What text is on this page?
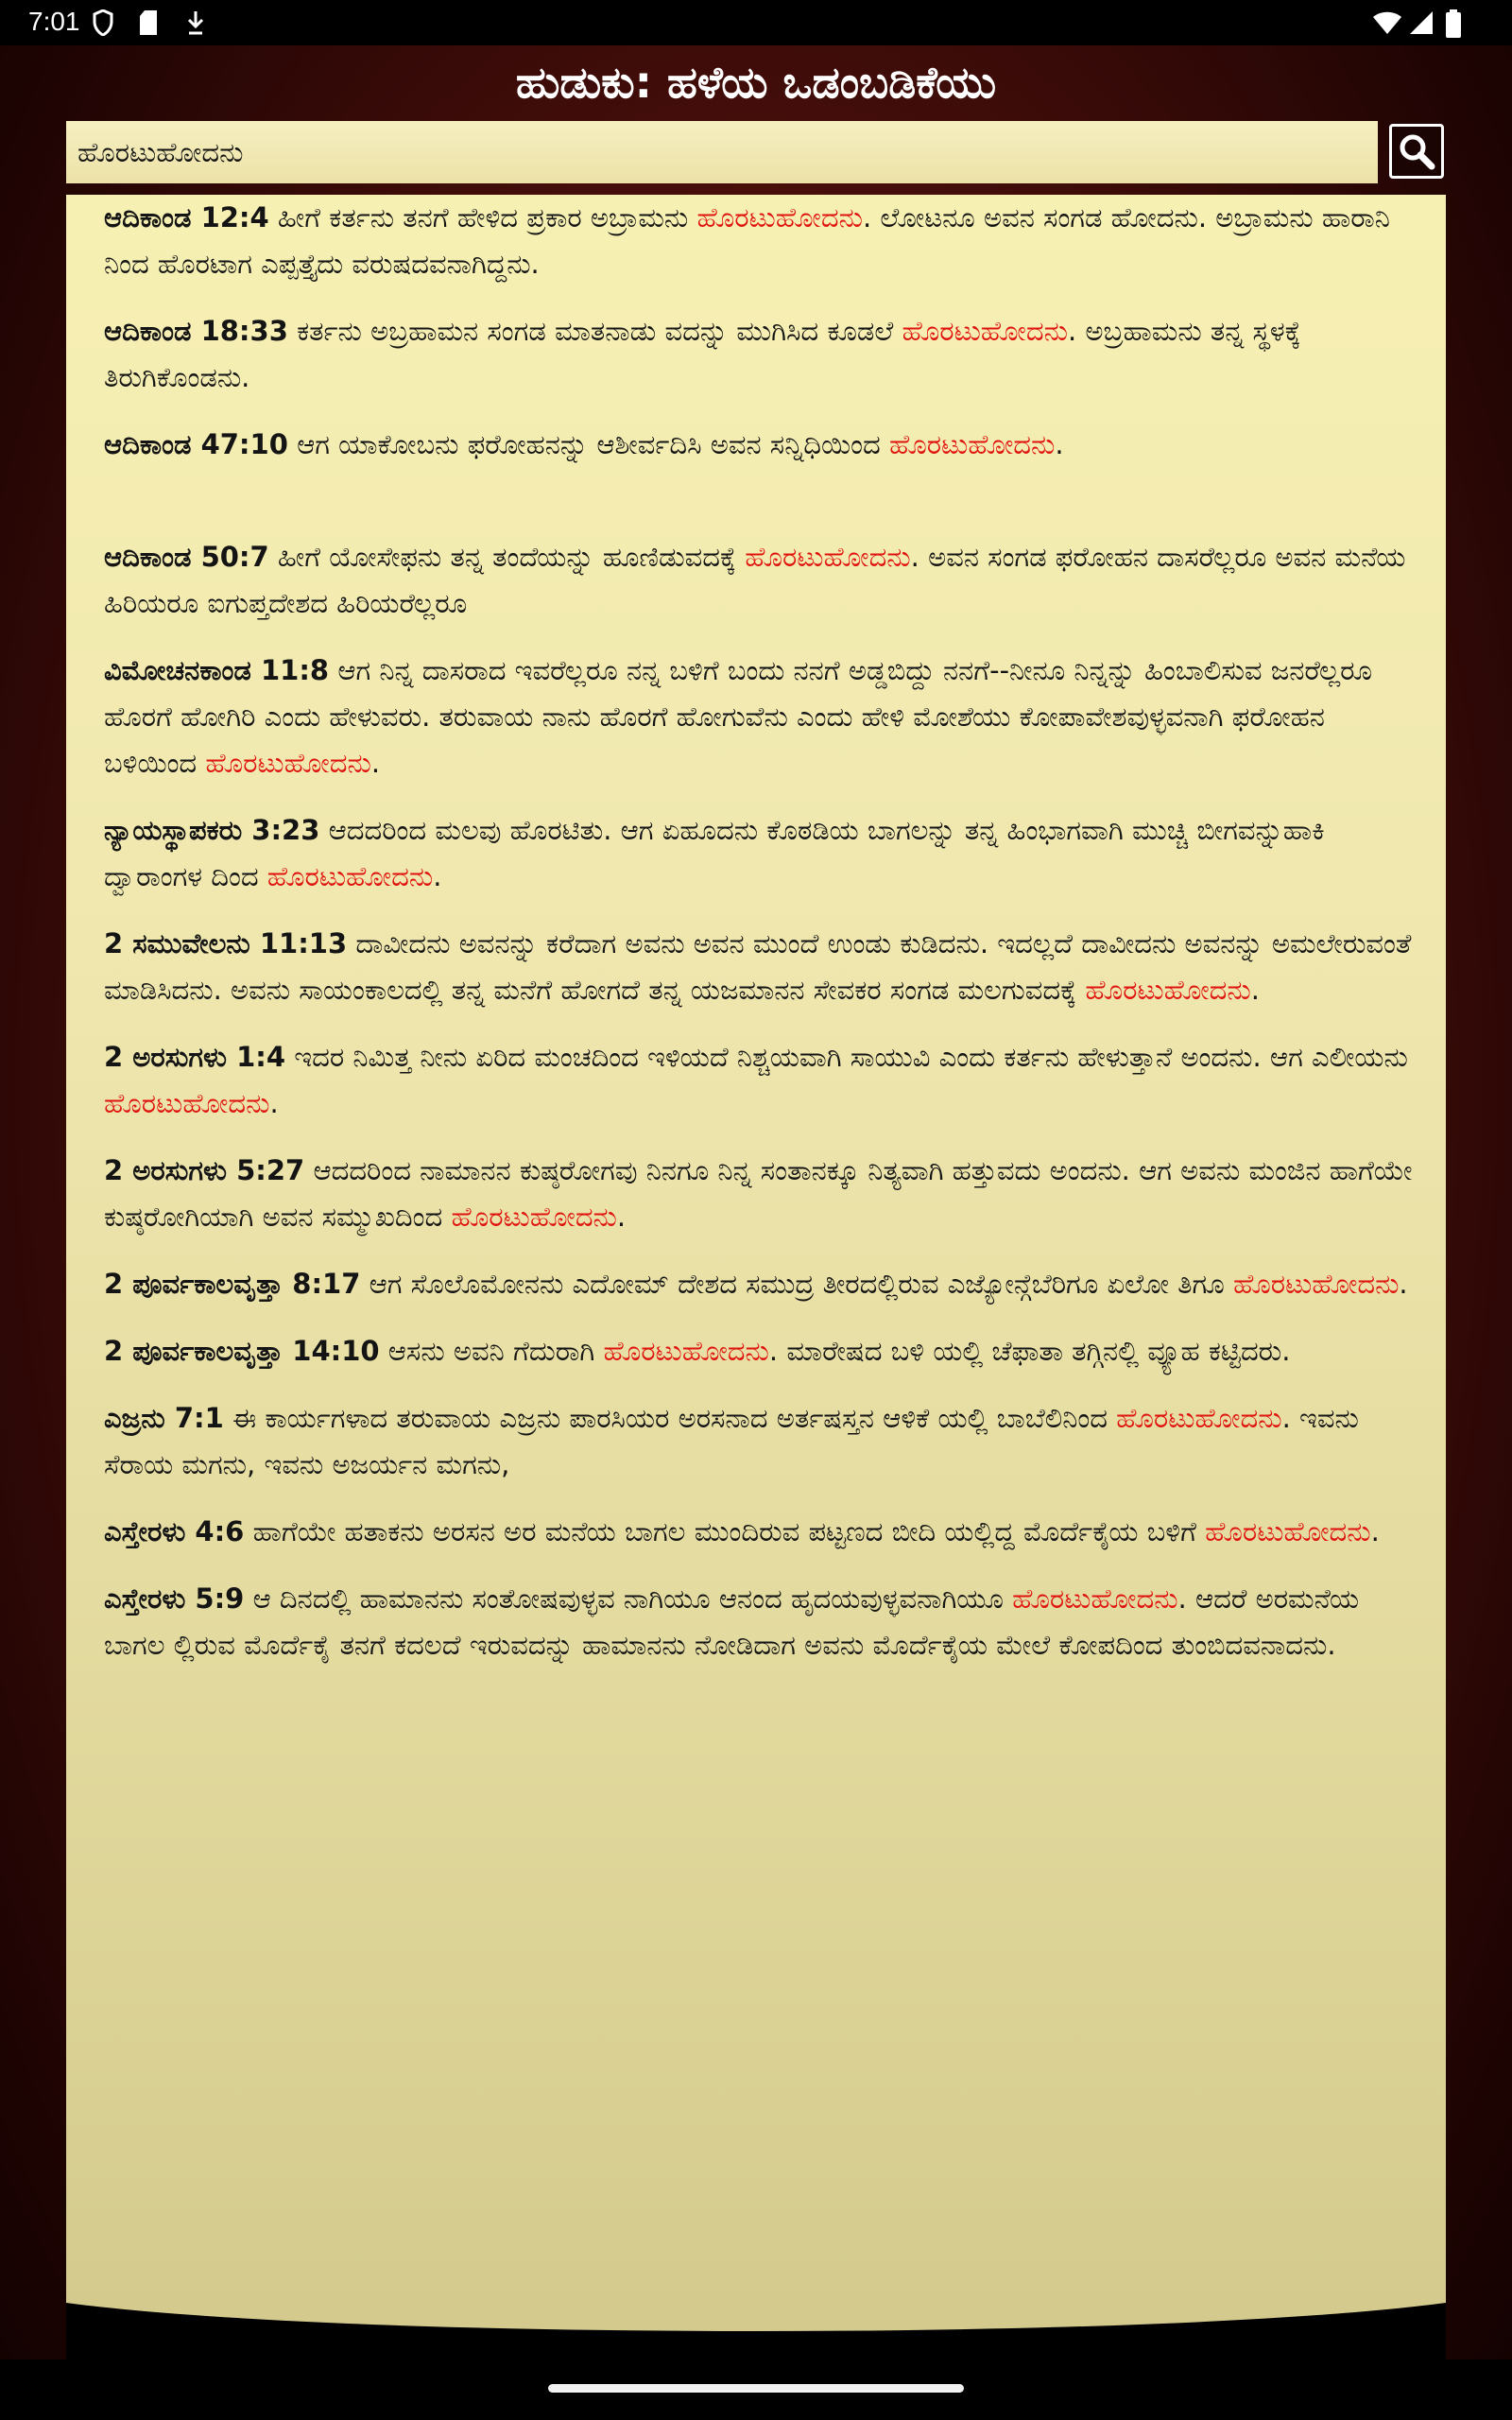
7:01
ಹುಡುಕು: ಹಳೆಯ ಒಡಂಬಡಿಕೆಯು
ಹೊರಟುಹೋದನು

ಆದಿಕಾಂಡ 12:4 ಹೀಗೆ ಕರ್ತನು ತನಗೆ ಹೇಳಿದ ಪ್ರಕಾರ ಅಬ್ರಾಮನು ಹೊರಟುಹೋದನು. ಲೋಟನೂ ಅವನ ಸಂಗಡ ಹೋದನು. ಅಬ್ರಾಮನು ಹಾರಾನಿ ನಿಂದ ಹೊರಟಾಗ ಎಪ್ಪತ್ತೈದು ವರುಷದವನಾಗಿದ್ದನು.

ಆದಿಕಾಂಡ 18:33 ಕರ್ತನು ಅಬ್ರಹಾಮನ ಸಂಗಡ ಮಾತನಾಡು ವದನ್ನು ಮುಗಿಸಿದ ಕೂಡಲೆ ಹೊರಟುಹೋದನು. ಅಬ್ರಹಾಮನು ತನ್ನ ಸ್ಥಳಕ್ಕೆ ತಿರುಗಿಕೊಂಡನು.

ಆದಿಕಾಂಡ 47:10 ಆಗ ಯಾಕೋಬನು ಫರೋಹನನ್ನು ಆಶೀರ್ವದಿಸಿ ಅವನ ಸನ್ನಿಧಿಯಿಂದ ಹೊರಟುಹೋದನು.

ಆದಿಕಾಂಡ 50:7 ಹೀಗೆ ಯೋಸೇಫನು ತನ್ನ ತಂದೆಯನ್ನು ಹೂಣಿಡುವದಕ್ಕೆ ಹೊರಟುಹೋದನು. ಅವನ ಸಂಗಡ ಫರೋಹನ ದಾಸರೆಲ್ಲರೂ ಅವನ ಮನೆಯ ಹಿರಿಯರೂ ಐಗುಪ್ತದೇಶದ ಹಿರಿಯರೆಲ್ಲರೂ

ವಿಮೋಚನಕಾಂಡ 11:8 ಆಗ ನಿನ್ನ ದಾಸರಾದ ಇವರೆಲ್ಲರೂ ನನ್ನ ಬಳಿಗೆ ಬಂದು ನನಗೆ ಅಡ್ಡಬಿದ್ದು ನನಗೆ--ನೀನೂ ನಿನ್ನನ್ನು ಹಿಂಬಾಲಿಸುವ ಜನರೆಲ್ಲರೂ ಹೊರಗೆ ಹೋಗಿರಿ ಎಂದು ಹೇಳುವರು. ತರುವಾಯ ನಾನು ಹೊರಗೆ ಹೋಗುವೆನು ಎಂದು ಹೇಳಿ ಮೋಶೆಯು ಕೋಪಾವೇಶವುಳ್ಳವನಾಗಿ ಫರೋಹನ ಬಳಿಯಿಂದ ಹೊರಟುಹೋದನು.

ನ್ಯಾಯಸ್ಥಾಪಕರು 3:23 ಆದದರಿಂದ ಮಲವು ಹೊರಟಿತು. ಆಗ ಏಹೂದನು ಕೊಠಡಿಯ ಬಾಗಲನ್ನು ತನ್ನ ಹಿಂಭಾಗವಾಗಿ ಮುಚ್ಚಿ ಬೀಗವನ್ನುಹಾಕಿ ದ್ವಾರಾಂಗಳ ದಿಂದ ಹೊರಟುಹೋದನು.

2 ಸಮುವೇಲನು 11:13 ದಾವೀದನು ಅವನನ್ನು ಕರೆದಾಗ ಅವನು ಅವನ ಮುಂದೆ ಉಂಡು ಕುಡಿದನು. ಇದಲ್ಲದೆ ದಾವೀದನು ಅವನನ್ನು ಅಮಲೇರುವಂತೆ ಮಾಡಿಸಿದನು. ಅವನು ಸಾಯಂಕಾಲದಲ್ಲಿ ತನ್ನ ಮನೆಗೆ ಹೋಗದೆ ತನ್ನ ಯಜಮಾನನ ಸೇವಕರ ಸಂಗಡ ಮಲಗುವದಕ್ಕೆ ಹೊರಟುಹೋದನು.

2 ಅರಸುಗಳು 1:4 ಇದರ ನಿಮಿತ್ತ ನೀನು ಏರಿದ ಮಂಚದಿಂದ ಇಳಿಯದೆ ನಿಶ್ಚಯವಾಗಿ ಸಾಯುವಿ ಎಂದು ಕರ್ತನು ಹೇಳುತ್ತಾನೆ ಅಂದನು. ಆಗ ಎಲೀಯನು ಹೊರಟುಹೋದನು.

2 ಅರಸುಗಳು 5:27 ಆದದರಿಂದ ನಾಮಾನನ ಕುಷ್ಠರೋಗವು ನಿನಗೂ ನಿನ್ನ ಸಂತಾನಕ್ಕೂ ನಿತ್ಯವಾಗಿ ಹತ್ತುವದು ಅಂದನು. ಆಗ ಅವನು ಮಂಜಿನ ಹಾಗೆಯೇ ಕುಷ್ಠರೋಗಿಯಾಗಿ ಅವನ ಸಮ್ಮುಖದಿಂದ ಹೊರಟುಹೋದನು.

2 ಪೂರ್ವಕಾಲವೃತ್ತಾ 8:17 ಆಗ ಸೊಲೊಮೋನನು ಎದೋಮ್ ದೇಶದ ಸಮುದ್ರ ತೀರದಲ್ಲಿರುವ ಎಜ್ಯೋನ್ಗೆಬೆರಿಗೂ ಏಲೋ ತಿಗೂ ಹೊರಟುಹೋದನು.

2 ಪೂರ್ವಕಾಲವೃತ್ತಾ 14:10 ಆಸನು ಅವನಿ ಗೆದುರಾಗಿ ಹೊರಟುಹೋದನು. ಮಾರೇಷದ ಬಳಿ ಯಲ್ಲಿ ಚೆಫಾತಾ ತಗ್ಗಿನಲ್ಲಿ ವ್ಯೂಹ ಕಟ್ಟಿದರು.

ಎಜ್ರನು 7:1 ಈ ಕಾರ್ಯಗಳಾದ ತರುವಾಯ ಎಜ್ರನು ಪಾರಸಿಯರ ಅರಸನಾದ ಅರ್ತಷಸ್ತನ ಆಳಿಕೆ ಯಲ್ಲಿ ಬಾಬೆಲಿನಿಂದ ಹೊರಟುಹೋದನು. ಇವನು ಸೆರಾಯ ಮಗನು, ಇವನು ಅಜರ್ಯನ ಮಗನು,

ಎಸ್ತೇರಳು 4:6 ಹಾಗೆಯೇ ಹತಾಕನು ಅರಸನ ಅರ ಮನೆಯ ಬಾಗಲ ಮುಂದಿರುವ ಪಟ್ಟಣದ ಬೀದಿ ಯಲ್ಲಿದ್ದ ಮೊರ್ದೆಕೈಯ ಬಳಿಗೆ ಹೊರಟುಹೋದನು.

ಎಸ್ತೇರಳು 5:9 ಆ ದಿನದಲ್ಲಿ ಹಾಮಾನನು ಸಂತೋಷವುಳ್ಳವ ನಾಗಿಯೂ ಆನಂದ ಹೃದಯವುಳ್ಳವನಾಗಿಯೂ ಹೊರಟುಹೋದನು. ಆದರೆ ಅರಮನೆಯ ಬಾಗಲ ಲ್ಲಿರುವ ಮೊರ್ದೆಕೈ ತನಗೆ ಕದಲದೆ ಇರುವದನ್ನು ಹಾಮಾನನು ನೋಡಿದಾಗ ಅವನು ಮೊರ್ದೆಕೈಯ ಮೇಲೆ ಕೋಪದಿಂದ ತುಂಬಿದವನಾದನು.
